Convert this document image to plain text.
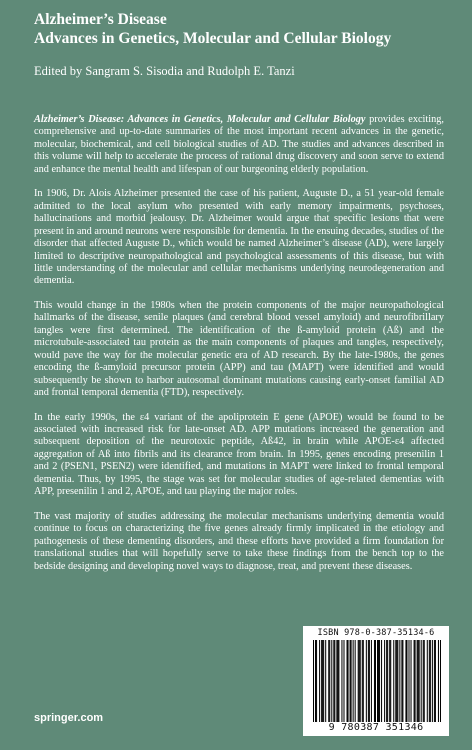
Alzheimer’s Disease
Advances in Genetics, Molecular and Cellular Biology
Edited by Sangram S. Sisodia and Rudolph E. Tanzi

Alzheimer’s Disease: Advances in Genetics, Molecular and Cellular Biology provides exciting, comprehensive and up-to-date summaries of the most important recent advances in the genetic, molecular, biochemical, and cell biological studies of AD. The studies and advances described in this volume will help to accelerate the process of rational drug discovery and soon serve to extend and enhance the mental health and lifespan of our burgeoning elderly population.

In 1906, Dr. Alois Alzheimer presented the case of his patient, Auguste D., a 51 year-old female admitted to the local asylum who presented with early memory impairments, psychoses, hallucinations and morbid jealousy. Dr. Alzheimer would argue that specific lesions that were present in and around neurons were responsible for dementia. In the ensuing decades, studies of the disorder that affected Auguste D., which would be named Alzheimer’s disease (AD), were largely limited to descriptive neuropathological and psychological assessments of this disease, but with little understanding of the molecular and cellular mechanisms underlying neurodegeneration and dementia.

This would change in the 1980s when the protein components of the major neuropathological hallmarks of the disease, senile plaques (and cerebral blood vessel amyloid) and neurofibrillary tangles were first determined. The identification of the ß-amyloid protein (Aß) and the microtubule-associated tau protein as the main components of plaques and tangles, respectively, would pave the way for the molecular genetic era of AD research. By the late-1980s, the genes encoding the ß-amyloid precursor protein (APP) and tau (MAPT) were identified and would subsequently be shown to harbor autosomal dominant mutations causing early-onset familial AD and frontal temporal dementia (FTD), respectively.

In the early 1990s, the ε4 variant of the apoliprotein E gene (APOE) would be found to be associated with increased risk for late-onset AD. APP mutations increased the generation and subsequent deposition of the neurotoxic peptide, Aß42, in brain while APOE-ε4 affected aggregation of Aß into fibrils and its clearance from brain. In 1995, genes encoding presenilin 1 and 2 (PSEN1, PSEN2) were identified, and mutations in MAPT were linked to frontal temporal dementia. Thus, by 1995, the stage was set for molecular studies of age-related dementias with APP, presenilin 1 and 2, APOE, and tau playing the major roles.

The vast majority of studies addressing the molecular mechanisms underlying dementia would continue to focus on characterizing the five genes already firmly implicated in the etiology and pathogenesis of these dementing disorders, and these efforts have provided a firm foundation for translational studies that will hopefully serve to take these findings from the bench top to the bedside designing and developing novel ways to diagnose, treat, and prevent these diseases.

ISBN 978-0-387-35134-6
9 780387 351346
springer.com
